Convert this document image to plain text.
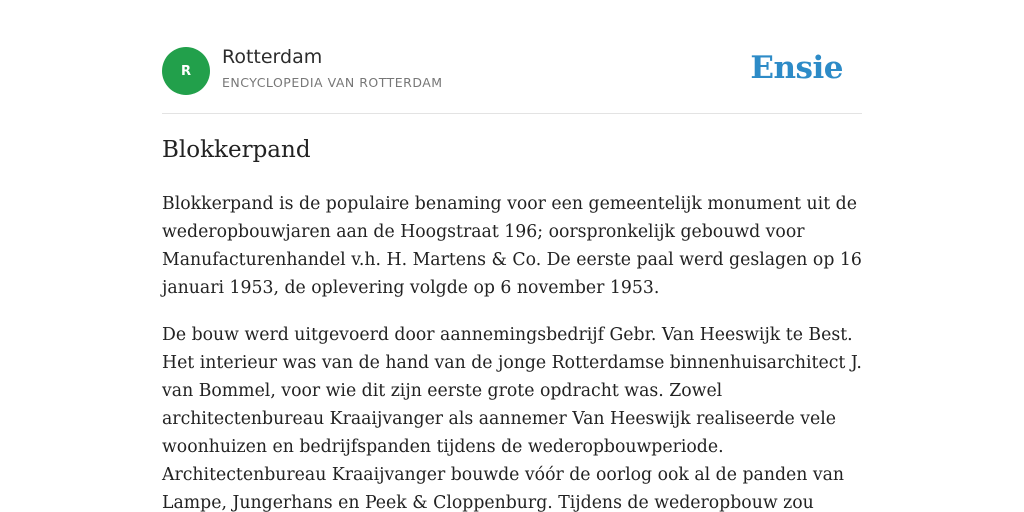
R
Rotterdam
ENCYCLOPEDIA VAN ROTTERDAM	Ensie
Blokkerpand

Blokkerpand is de populaire benaming voor een gemeentelijk monument uit de
wederopbouwjaren aan de Hoogstraat 196; oorspronkelijk gebouwd voor
Manufacturenhandel v.h. H. Martens & Co. De eerste paal werd geslagen op 16
januari 1953, de oplevering volgde op 6 november 1953.

De bouw werd uitgevoerd door aannemingsbedrijf Gebr. Van Heeswijk te Best.
Het interieur was van de hand van de jonge Rotterdamse binnenhuisarchitect J.
van Bommel, voor wie dit zijn eerste grote opdracht was. Zowel
architectenbureau Kraaijvanger als aannemer Van Heeswijk realiseerde vele
woonhuizen en bedrijfspanden tijdens de wederopbouwperiode.
Architectenbureau Kraaijvanger bouwde vóór de oorlog ook al de panden van
Lampe, Jungerhans en Peek & Cloppenburg. Tijdens de wederopbouw zou
